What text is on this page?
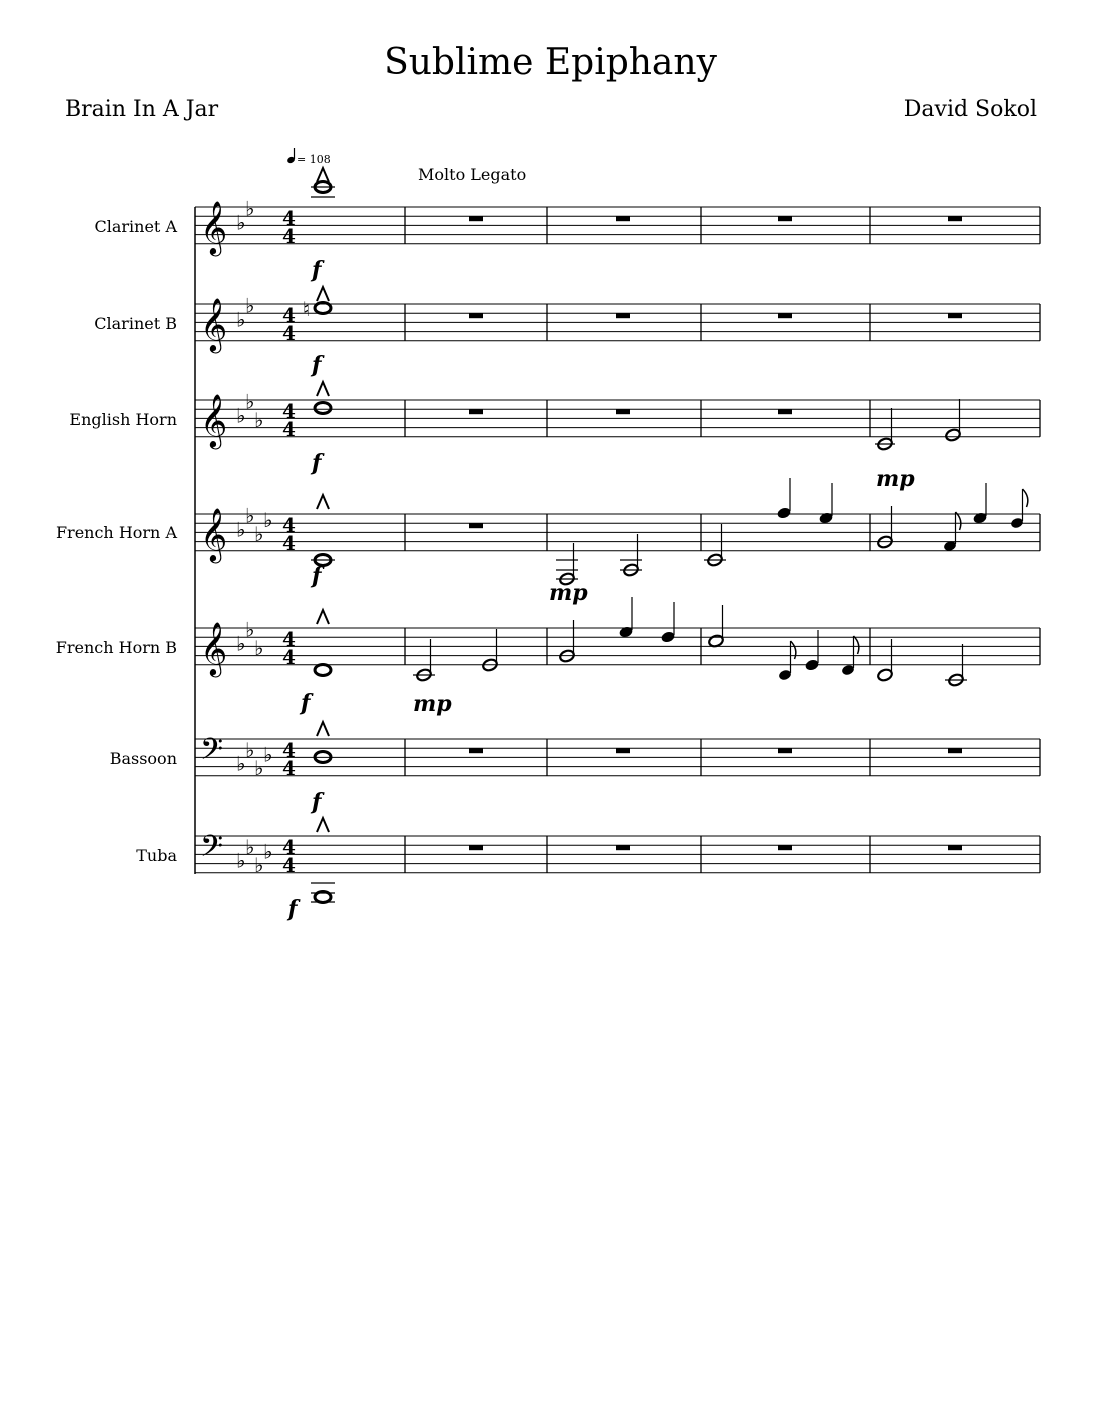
Sublime Epiphany
Brain In A Jar	David Sokol
Clarinet A
Clarinet B
English Horn
French Horn A
French Horn B
Bassoon
Tuba
= 108
Molto Legato
𝄞 ♭
♭
𝄞 ♭
♭
𝄞 ♭
♭
♭
𝄞 ♭
♭
♭
♭
𝄞 ♭
♭
♭
𝄢 ♭
♭
♭
♭
𝄢 ♭
♭
♭
♭
4
4
4
4
4
4
4
4
4
4
4
4
4
4
f
♮
f
f
mp
f
mp
f	mp
f
f
